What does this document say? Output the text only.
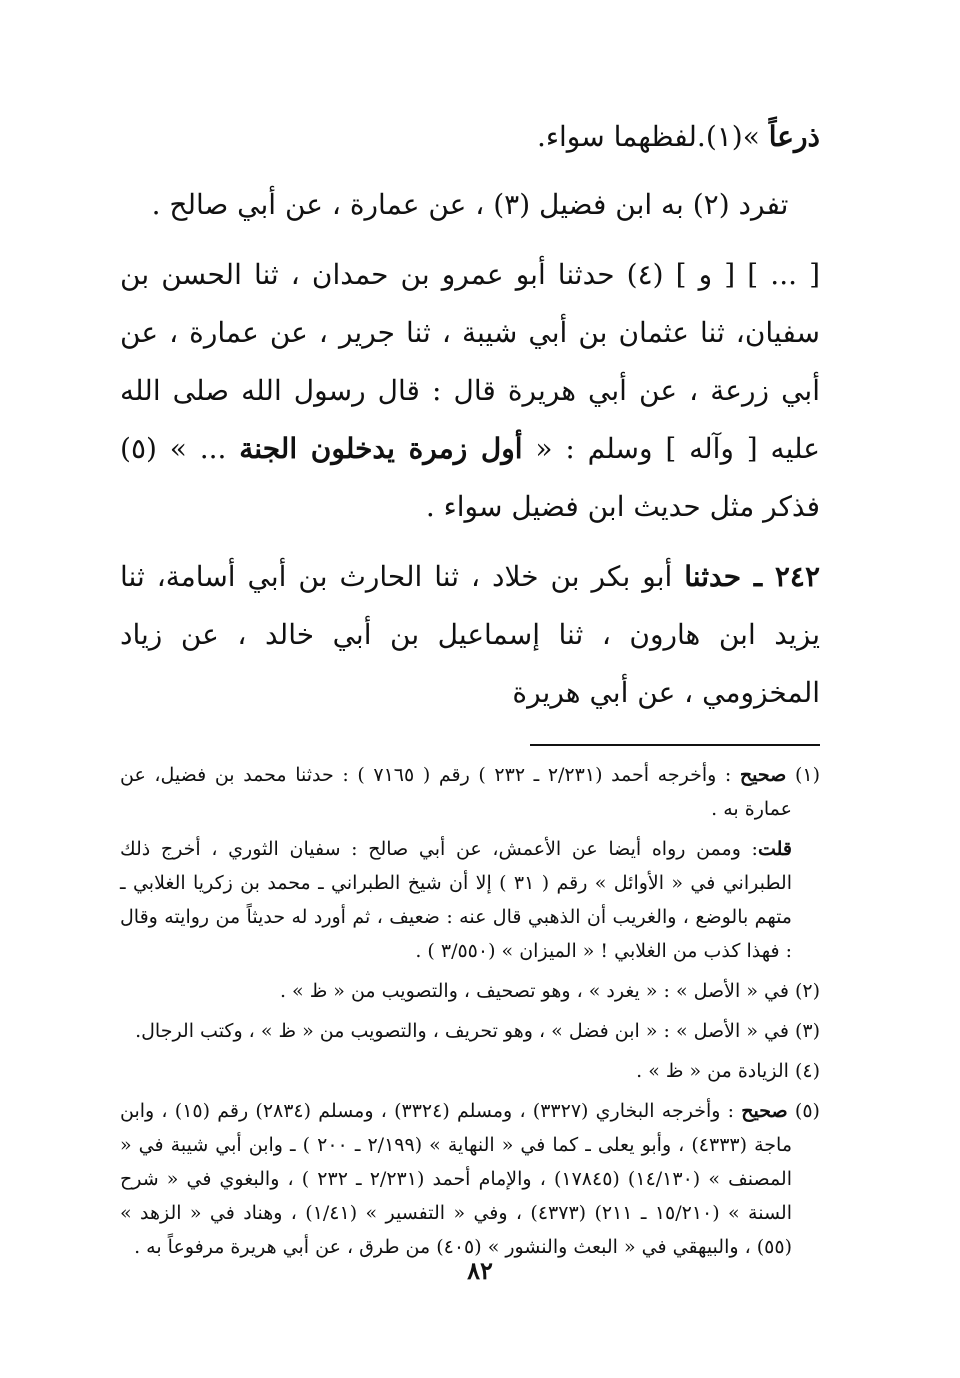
ذرعاً »(١).لفظهما سواء.

تفرد (٢) به ابن فضيل (٣) ، عن عمارة ، عن أبي صالح .

[ ... ] [ و ] (٤) حدثنا أبو عمرو بن حمدان ، ثنا الحسن بن سفيان، ثنا عثمان بن أبي شيبة ، ثنا جرير ، عن عمارة ، عن أبي زرعة ، عن أبي هريرة قال : قال رسول الله صلى الله عليه [ وآله ] وسلم : « أول زمرة يدخلون الجنة ... » (٥) فذكر مثل حديث ابن فضيل سواء .

٢٤٢ ـ حدثنا أبو بكر بن خلاد ، ثنا الحارث بن أبي أسامة، ثنا يزيد ابن هارون ، ثنا إسماعيل بن أبي خالد ، عن زياد المخزومي ، عن أبي هريرة

(١) صحيح : وأخرجه أحمد (٢/٢٣١ ـ ٢٣٢ ) رقم ( ٧١٦٥ ) : حدثنا محمد بن فضيل، عن عمارة به .

قلت: وممن رواه أيضا عن الأعمش، عن أبي صالح : سفيان الثوري ، أخرج ذلك الطبراني في « الأوائل » رقم ( ٣١ ) إلا أن شيخ الطبراني ـ محمد بن زكريا الغلابي ـ متهم بالوضع ، والغريب أن الذهبي قال عنه : ضعيف ، ثم أورد له حديثاً من روايته وقال : فهذا كذب من الغلابي ! « الميزان » (٣/٥٥٠ ) .

(٢) في « الأصل » : « يغرد » ، وهو تصحيف ، والتصويب من « ظ » .

(٣) في « الأصل » : « ابن فضل » ، وهو تحريف ، والتصويب من « ظ » ، وكتب الرجال.

(٤) الزيادة من « ظ » .

(٥) صحيح : وأخرجه البخاري (٣٣٢٧) ، ومسلم (٣٣٢٤) ، ومسلم (٢٨٣٤) رقم (١٥) ، وابن ماجة (٤٣٣٣) ، وأبو يعلى ـ كما في « النهاية » (٢/١٩٩ ـ ٢٠٠ ) ـ وابن أبي شيبة في « المصنف » (١٤/١٣٠) (١٧٨٤٥) ، والإمام أحمد (٢/٢٣١ ـ ٢٣٢ ) ، والبغوي في « شرح السنة » (١٥/٢١٠ ـ ٢١١) (٤٣٧٣) ، وفي « التفسير » (١/٤١) ، وهناد في « الزهد » (٥٥) ، والبيهقي في « البعث والنشور » (٤٠٥) من طرق ، عن أبي هريرة مرفوعاً به .

٨٢
